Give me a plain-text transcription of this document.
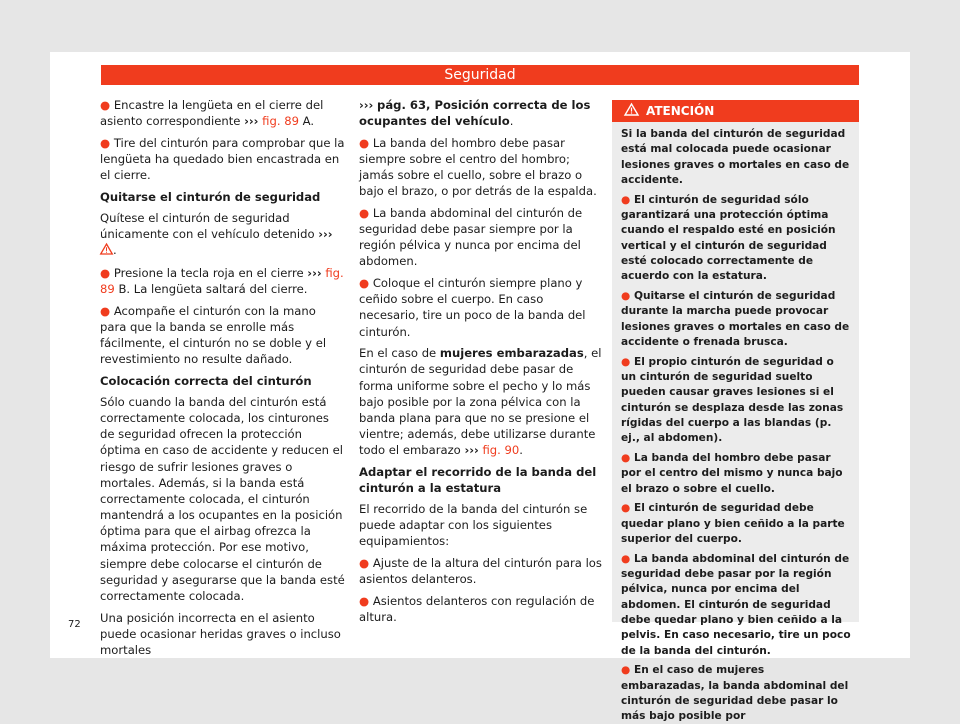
Seguridad

● Encastre la lengüeta en el cierre del asiento correspondiente ››› fig. 89 A.

● Tire del cinturón para comprobar que la lengüeta ha quedado bien encastrada en el cierre.

Quitarse el cinturón de seguridad

Quítese el cinturón de seguridad únicamente con el vehículo detenido ››› .

● Presione la tecla roja en el cierre ››› fig. 89 B. La lengüeta saltará del cierre.

● Acompañe el cinturón con la mano para que la banda se enrolle más fácilmente, el cinturón no se doble y el revestimiento no resulte dañado.

Colocación correcta del cinturón

Sólo cuando la banda del cinturón está correctamente colocada, los cinturones de seguridad ofrecen la protección óptima en caso de accidente y reducen el riesgo de sufrir lesiones graves o mortales. Además, si la banda está correctamente colocada, el cinturón mantendrá a los ocupantes en la posición óptima para que el airbag ofrezca la máxima protección. Por ese motivo, siempre debe colocarse el cinturón de seguridad y asegurarse que la banda esté correctamente colocada.

Una posición incorrecta en el asiento puede ocasionar heridas graves o incluso mortales

››› pág. 63, Posición correcta de los ocupantes del vehículo.

● La banda del hombro debe pasar siempre sobre el centro del hombro; jamás sobre el cuello, sobre el brazo o bajo el brazo, o por detrás de la espalda.

● La banda abdominal del cinturón de seguridad debe pasar siempre por la región pélvica y nunca por encima del abdomen.

● Coloque el cinturón siempre plano y ceñido sobre el cuerpo. En caso necesario, tire un poco de la banda del cinturón.

En el caso de mujeres embarazadas, el cinturón de seguridad debe pasar de forma uniforme sobre el pecho y lo más bajo posible por la zona pélvica con la banda plana para que no se presione el vientre; además, debe utilizarse durante todo el embarazo ››› fig. 90.

Adaptar el recorrido de la banda del cinturón a la estatura

El recorrido de la banda del cinturón se puede adaptar con los siguientes equipamientos:

● Ajuste de la altura del cinturón para los asientos delanteros.

● Asientos delanteros con regulación de altura.

ATENCIÓN

Si la banda del cinturón de seguridad está mal colocada puede ocasionar lesiones graves o mortales en caso de accidente.

● El cinturón de seguridad sólo garantizará una protección óptima cuando el respaldo esté en posición vertical y el cinturón de seguridad esté colocado correctamente de acuerdo con la estatura.

● Quitarse el cinturón de seguridad durante la marcha puede provocar lesiones graves o mortales en caso de accidente o frenada brusca.

● El propio cinturón de seguridad o un cinturón de seguridad suelto pueden causar graves lesiones si el cinturón se desplaza desde las zonas rígidas del cuerpo a las blandas (p. ej., al abdomen).

● La banda del hombro debe pasar por el centro del mismo y nunca bajo el brazo o sobre el cuello.

● El cinturón de seguridad debe quedar plano y bien ceñido a la parte superior del cuerpo.

● La banda abdominal del cinturón de seguridad debe pasar por la región pélvica, nunca por encima del abdomen. El cinturón de seguridad debe quedar plano y bien ceñido a la pelvis. En caso necesario, tire un poco de la banda del cinturón.

● En el caso de mujeres embarazadas, la banda abdominal del cinturón de seguridad debe pasar lo más bajo posible por

72
